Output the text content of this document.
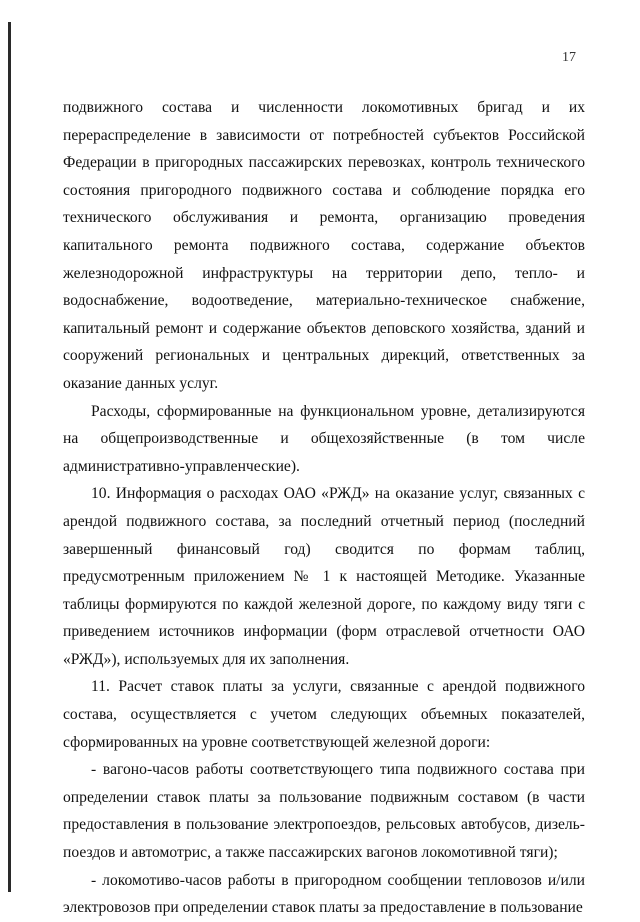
17

подвижного состава и численности локомотивных бригад и их перераспределение в зависимости от потребностей субъектов Российской Федерации в пригородных пассажирских перевозках, контроль технического состояния пригородного подвижного состава и соблюдение порядка его технического обслуживания и ремонта, организацию проведения капитального ремонта подвижного состава, содержание объектов железнодорожной инфраструктуры на территории депо, тепло- и водоснабжение, водоотведение, материально-техническое снабжение, капитальный ремонт и содержание объектов деповского хозяйства, зданий и сооружений региональных и центральных дирекций, ответственных за оказание данных услуг.

Расходы, сформированные на функциональном уровне, детализируются на общепроизводственные и общехозяйственные (в том числе административно-управленческие).

10. Информация о расходах ОАО «РЖД» на оказание услуг, связанных с арендой подвижного состава, за последний отчетный период (последний завершенный финансовый год) сводится по формам таблиц, предусмотренным приложением № 1 к настоящей Методике. Указанные таблицы формируются по каждой железной дороге, по каждому виду тяги с приведением источников информации (форм отраслевой отчетности ОАО «РЖД»), используемых для их заполнения.

11. Расчет ставок платы за услуги, связанные с арендой подвижного состава, осуществляется с учетом следующих объемных показателей, сформированных на уровне соответствующей железной дороги:

- вагоно-часов работы соответствующего типа подвижного состава при определении ставок платы за пользование подвижным составом (в части предоставления в пользование электропоездов, рельсовых автобусов, дизель-поездов и автомотрис, а также пассажирских вагонов локомотивной тяги);

- локомотиво-часов работы в пригородном сообщении тепловозов и/или электровозов при определении ставок платы за предоставление в пользование
